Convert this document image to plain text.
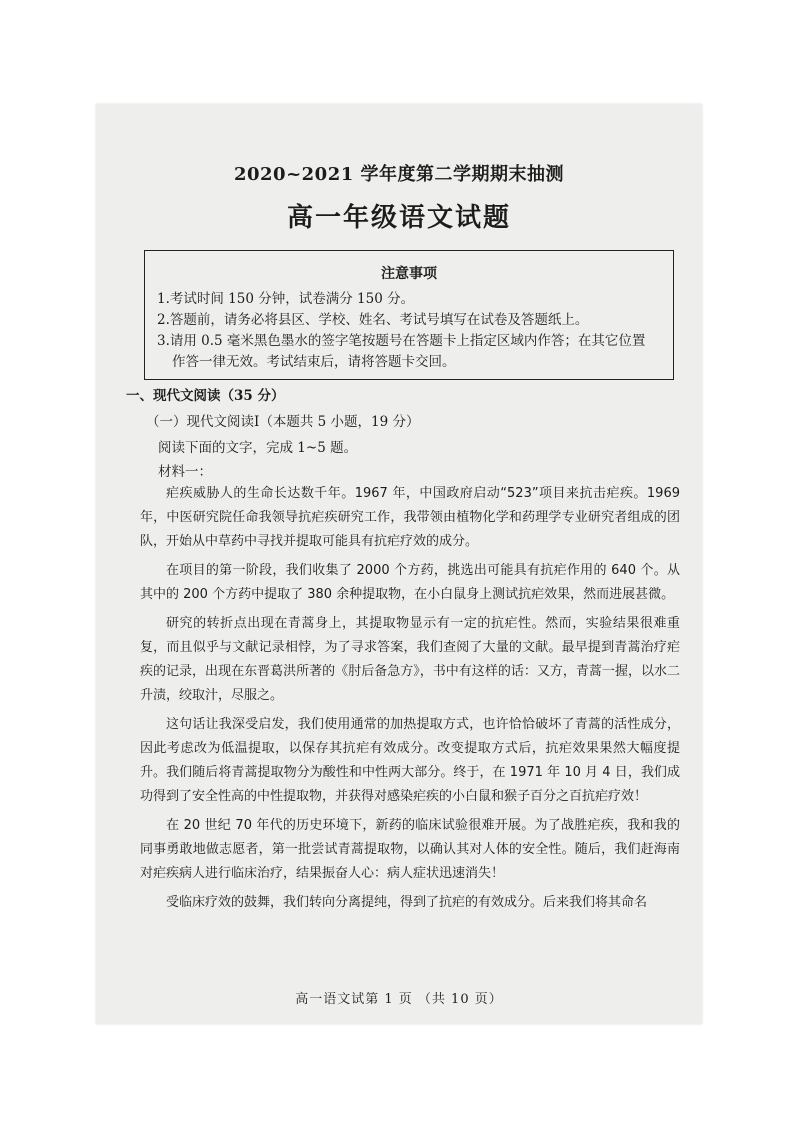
2020~2021 学年度第二学期期末抽测
高一年级语文试题
注意事项
1.考试时间 150 分钟，试卷满分 150 分。
2.答题前，请务必将县区、学校、姓名、考试号填写在试卷及答题纸上。
3.请用 0.5 毫米黑色墨水的签字笔按题号在答题卡上指定区域内作答；在其它位置
作答一律无效。考试结束后，请将答题卡交回。
一、现代文阅读（35 分）
（一）现代文阅读Ⅰ（本题共 5 小题，19 分）
阅读下面的文字，完成 1~5 题。
材料一：

疟疾威胁人的生命长达数千年。1967 年，中国政府启动“523”项目来抗击疟疾。1969 年，中医研究院任命我领导抗疟疾研究工作，我带领由植物化学和药理学专业研究者组成的团队，开始从中草药中寻找并提取可能具有抗疟疗效的成分。

在项目的第一阶段，我们收集了 2000 个方药，挑选出可能具有抗疟作用的 640 个。从其中的 200 个方药中提取了 380 余种提取物，在小白鼠身上测试抗疟效果，然而进展甚微。

研究的转折点出现在青蒿身上，其提取物显示有一定的抗疟性。然而，实验结果很难重复，而且似乎与文献记录相悖，为了寻求答案，我们查阅了大量的文献。最早提到青蒿治疗疟疾的记录，出现在东晋葛洪所著的《肘后备急方》，书中有这样的话：又方，青蒿一握，以水二升渍，绞取汁，尽服之。

这句话让我深受启发，我们使用通常的加热提取方式，也许恰恰破坏了青蒿的活性成分，因此考虑改为低温提取，以保存其抗疟有效成分。改变提取方式后，抗疟效果果然大幅度提升。我们随后将青蒿提取物分为酸性和中性两大部分。终于，在 1971 年 10 月 4 日，我们成功得到了安全性高的中性提取物，并获得对感染疟疾的小白鼠和猴子百分之百抗疟疗效！

在 20 世纪 70 年代的历史环境下，新药的临床试验很难开展。为了战胜疟疾，我和我的同事勇敢地做志愿者，第一批尝试青蒿提取物，以确认其对人体的安全性。随后，我们赶海南对疟疾病人进行临床治疗，结果振奋人心：病人症状迅速消失！

受临床疗效的鼓舞，我们转向分离提纯，得到了抗疟的有效成分。后来我们将其命名

高一语文试第 1 页 （共 10 页）
